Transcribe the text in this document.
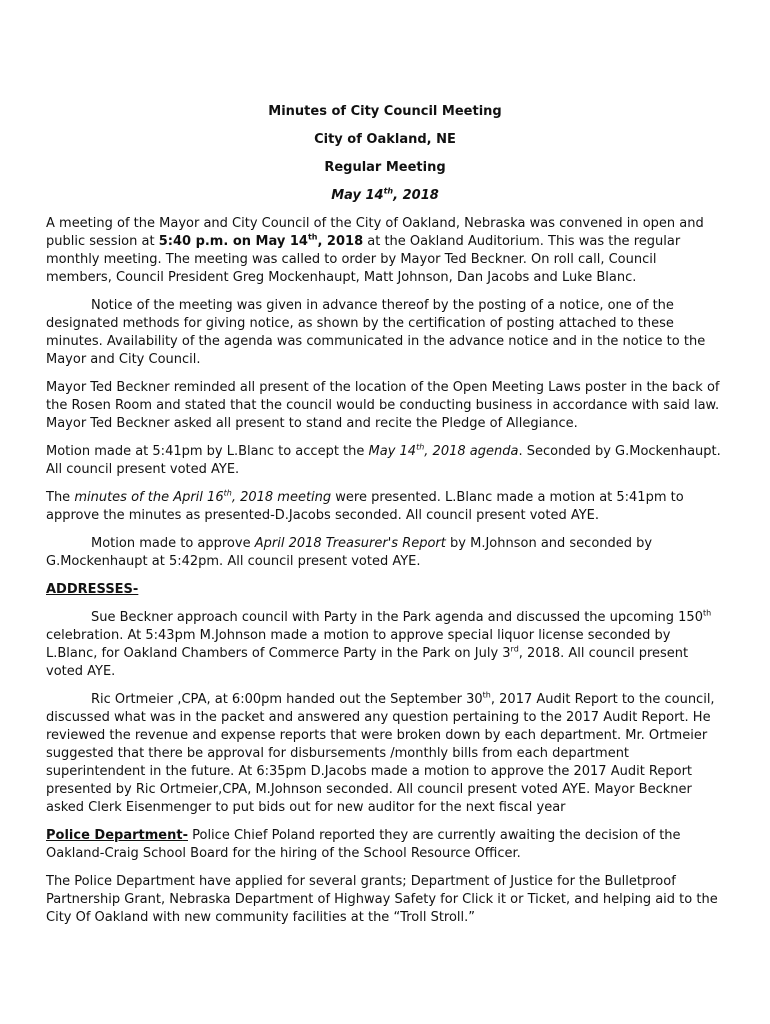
Minutes of City Council Meeting
City of Oakland, NE
Regular Meeting
May 14th, 2018

A meeting of the Mayor and City Council of the City of Oakland, Nebraska was convened in open and public session at 5:40 p.m. on May 14th, 2018 at the Oakland Auditorium. This was the regular monthly meeting. The meeting was called to order by Mayor Ted Beckner. On roll call, Council members, Council President Greg Mockenhaupt, Matt Johnson, Dan Jacobs and Luke Blanc.

Notice of the meeting was given in advance thereof by the posting of a notice, one of the designated methods for giving notice, as shown by the certification of posting attached to these minutes. Availability of the agenda was communicated in the advance notice and in the notice to the Mayor and City Council.

Mayor Ted Beckner reminded all present of the location of the Open Meeting Laws poster in the back of the Rosen Room and stated that the council would be conducting business in accordance with said law. Mayor Ted Beckner asked all present to stand and recite the Pledge of Allegiance.

Motion made at 5:41pm by L.Blanc to accept the May 14th, 2018 agenda. Seconded by G.Mockenhaupt. All council present voted AYE.

The minutes of the April 16th, 2018 meeting were presented. L.Blanc made a motion at 5:41pm to approve the minutes as presented-D.Jacobs seconded. All council present voted AYE.

Motion made to approve April 2018 Treasurer's Report by M.Johnson and seconded by G.Mockenhaupt at 5:42pm. All council present voted AYE.

ADDRESSES-

Sue Beckner approach council with Party in the Park agenda and discussed the upcoming 150th celebration. At 5:43pm M.Johnson made a motion to approve special liquor license seconded by L.Blanc, for Oakland Chambers of Commerce Party in the Park on July 3rd, 2018. All council present voted AYE.

Ric Ortmeier ,CPA, at 6:00pm handed out the September 30th, 2017 Audit Report to the council, discussed what was in the packet and answered any question pertaining to the 2017 Audit Report. He reviewed the revenue and expense reports that were broken down by each department. Mr. Ortmeier suggested that there be approval for disbursements /monthly bills from each department superintendent in the future. At 6:35pm D.Jacobs made a motion to approve the 2017 Audit Report presented by Ric Ortmeier,CPA, M.Johnson seconded. All council present voted AYE. Mayor Beckner asked Clerk Eisenmenger to put bids out for new auditor for the next fiscal year

Police Department- Police Chief Poland reported they are currently awaiting the decision of the Oakland-Craig School Board for the hiring of the School Resource Officer.

The Police Department have applied for several grants; Department of Justice for the Bulletproof Partnership Grant, Nebraska Department of Highway Safety for Click it or Ticket, and helping aid to the City Of Oakland with new community facilities at the “Troll Stroll.”
